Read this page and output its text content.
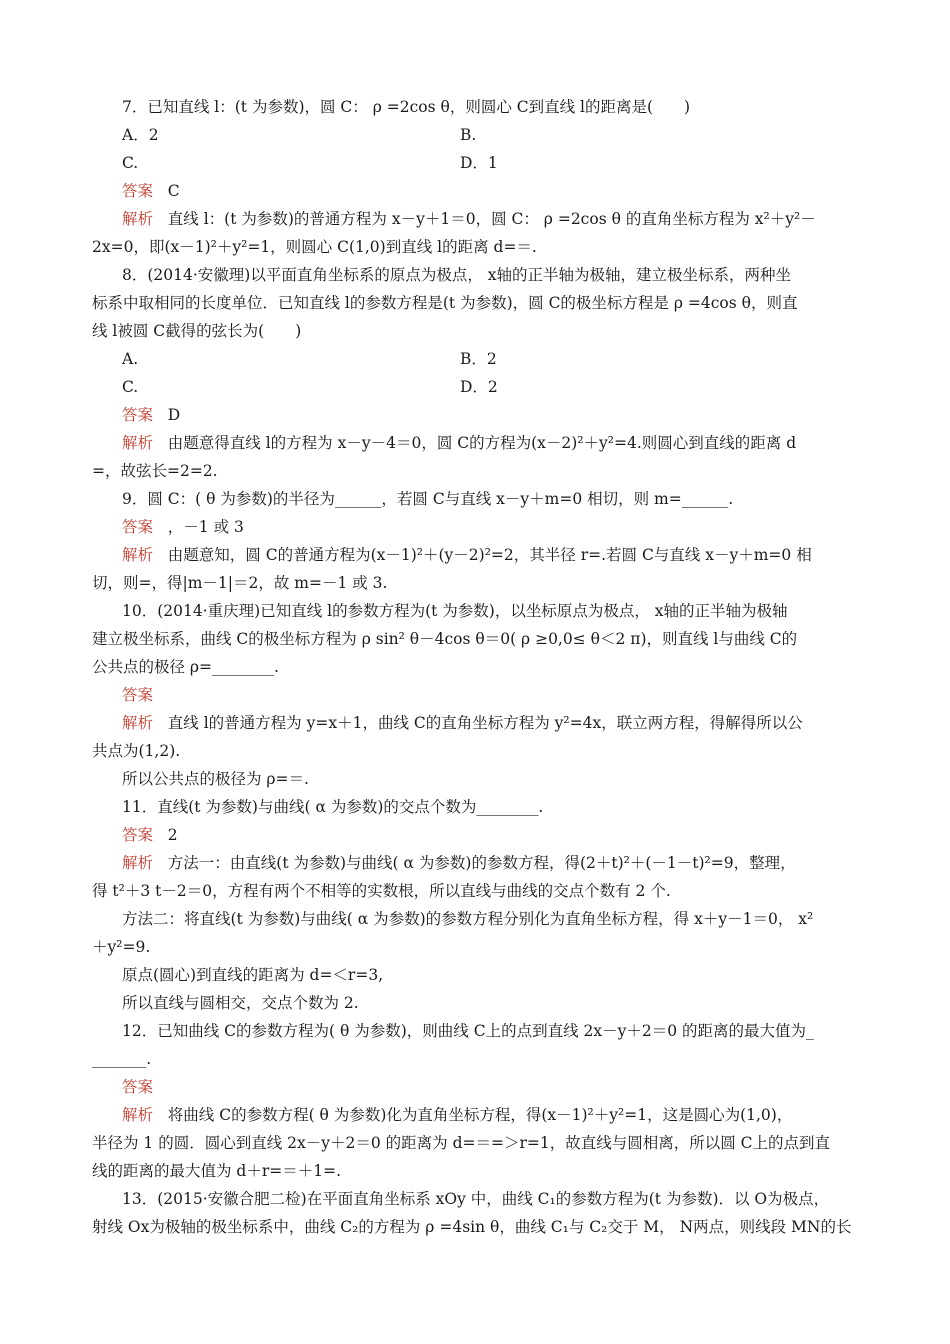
7．已知直线 l：(t 为参数)，圆 C： ρ =2cos θ，则圆心 C到直线 l的距离是(　　)
A．2	B.
C.	D．1
答案 C
解析 直线 l：(t 为参数)的普通方程为 x－y＋1＝0，圆 C： ρ =2cos θ 的直角坐标方程为 x²＋y²－
2x=0，即(x－1)²＋y²=1，则圆心 C(1,0)到直线 l的距离 d=＝.
8．(2014·安徽理)以平面直角坐标系的原点为极点， x轴的正半轴为极轴，建立极坐标系，两种坐
标系中取相同的长度单位．已知直线 l的参数方程是(t 为参数)，圆 C的极坐标方程是 ρ =4cos θ，则直
线 l被圆 C截得的弦长为(　　)
A.	B．2
C.	D．2
答案 D
解析 由题意得直线 l的方程为 x－y－4＝0，圆 C的方程为(x－2)²＋y²=4.则圆心到直线的距离 d
=，故弦长=2=2.
9．圆 C：( θ 为参数)的半径为______，若圆 C与直线 x－y＋m=0 相切，则 m=______.
答案 ，－1 或 3
解析 由题意知，圆 C的普通方程为(x－1)²＋(y－2)²=2，其半径 r=.若圆 C与直线 x－y＋m=0 相
切，则=，得|m－1|＝2，故 m=－1 或 3.
10．(2014·重庆理)已知直线 l的参数方程为(t 为参数)，以坐标原点为极点， x轴的正半轴为极轴
建立极坐标系，曲线 C的极坐标方程为 ρ sin² θ－4cos θ＝0( ρ ≥0,0≤ θ＜2 π)，则直线 l与曲线 C的
公共点的极径 ρ=________.
答案
解析 直线 l的普通方程为 y=x＋1，曲线 C的直角坐标方程为 y²=4x，联立两方程，得解得所以公
共点为(1,2).
所以公共点的极径为 ρ=＝.
11．直线(t 为参数)与曲线( α 为参数)的交点个数为________.
答案 2
解析 方法一：由直线(t 为参数)与曲线( α 为参数)的参数方程，得(2＋t)²＋(－1－t)²=9，整理，
得 t²＋3 t－2＝0，方程有两个不相等的实数根，所以直线与曲线的交点个数有 2 个.
方法二：将直线(t 为参数)与曲线( α 为参数)的参数方程分别化为直角坐标方程，得 x＋y－1＝0， x²
＋y²=9.
原点(圆心)到直线的距离为 d=＜r=3,
所以直线与圆相交，交点个数为 2.
12．已知曲线 C的参数方程为( θ 为参数)，则曲线 C上的点到直线 2x－y＋2＝0 的距离的最大值为_
_______.
答案
解析 将曲线 C的参数方程( θ 为参数)化为直角坐标方程，得(x－1)²＋y²=1，这是圆心为(1,0)，
半径为 1 的圆．圆心到直线 2x－y＋2＝0 的距离为 d=＝=＞r=1，故直线与圆相离，所以圆 C上的点到直
线的距离的最大值为 d＋r=＝＋1=.
13．(2015·安徽合肥二检)在平面直角坐标系 xOy 中，曲线 C₁的参数方程为(t 为参数)．以 O为极点，
射线 Ox为极轴的极坐标系中，曲线 C₂的方程为 ρ =4sin θ，曲线 C₁与 C₂交于 M， N两点，则线段 MN的长
